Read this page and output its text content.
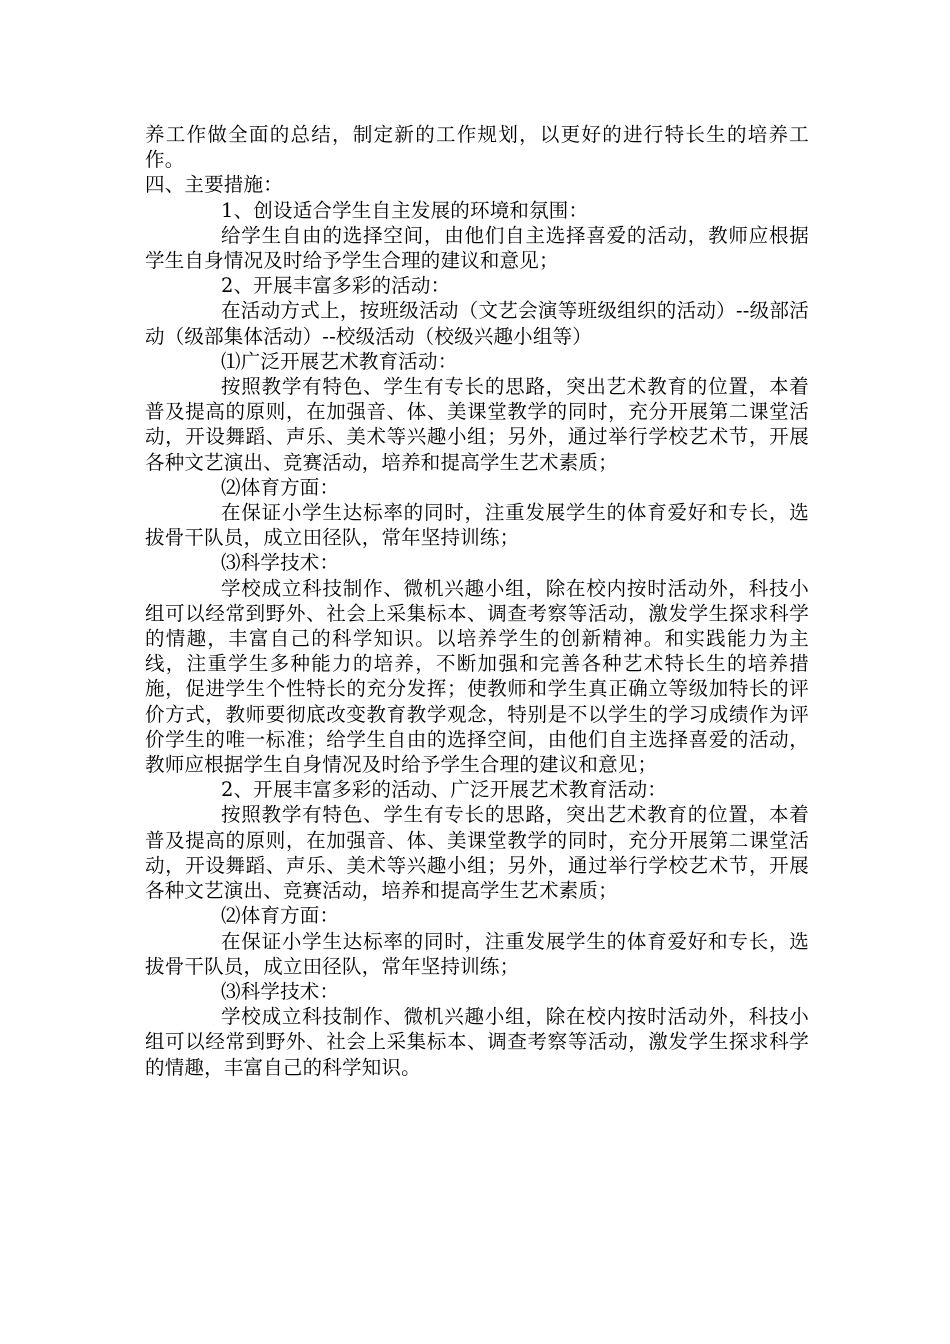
养工作做全面的总结，制定新的工作规划，以更好的进行特长生的培养工作。

四、主要措施：

1、创设适合学生自主发展的环境和氛围：

给学生自由的选择空间，由他们自主选择喜爱的活动，教师应根据学生自身情况及时给予学生合理的建议和意见；

2、开展丰富多彩的活动：

在活动方式上，按班级活动（文艺会演等班级组织的活动）--级部活动（级部集体活动）--校级活动（校级兴趣小组等）

⑴广泛开展艺术教育活动：

按照教学有特色、学生有专长的思路，突出艺术教育的位置，本着普及提高的原则，在加强音、体、美课堂教学的同时，充分开展第二课堂活动，开设舞蹈、声乐、美术等兴趣小组；另外，通过举行学校艺术节，开展各种文艺演出、竞赛活动，培养和提高学生艺术素质；

⑵体育方面：

在保证小学生达标率的同时，注重发展学生的体育爱好和专长，选拔骨干队员，成立田径队，常年坚持训练；

⑶科学技术：

学校成立科技制作、微机兴趣小组，除在校内按时活动外，科技小组可以经常到野外、社会上采集标本、调查考察等活动，激发学生探求科学的情趣，丰富自己的科学知识。以培养学生的创新精神。和实践能力为主线，注重学生多种能力的培养，不断加强和完善各种艺术特长生的培养措施，促进学生个性特长的充分发挥；使教师和学生真正确立等级加特长的评价方式，教师要彻底改变教育教学观念，特别是不以学生的学习成绩作为评价学生的唯一标准；给学生自由的选择空间，由他们自主选择喜爱的活动，教师应根据学生自身情况及时给予学生合理的建议和意见；

2、开展丰富多彩的活动、广泛开展艺术教育活动：

按照教学有特色、学生有专长的思路，突出艺术教育的位置，本着普及提高的原则，在加强音、体、美课堂教学的同时，充分开展第二课堂活动，开设舞蹈、声乐、美术等兴趣小组；另外，通过举行学校艺术节，开展各种文艺演出、竞赛活动，培养和提高学生艺术素质；

⑵体育方面：

在保证小学生达标率的同时，注重发展学生的体育爱好和专长，选拔骨干队员，成立田径队，常年坚持训练；

⑶科学技术：

学校成立科技制作、微机兴趣小组，除在校内按时活动外，科技小组可以经常到野外、社会上采集标本、调查考察等活动，激发学生探求科学的情趣，丰富自己的科学知识。
